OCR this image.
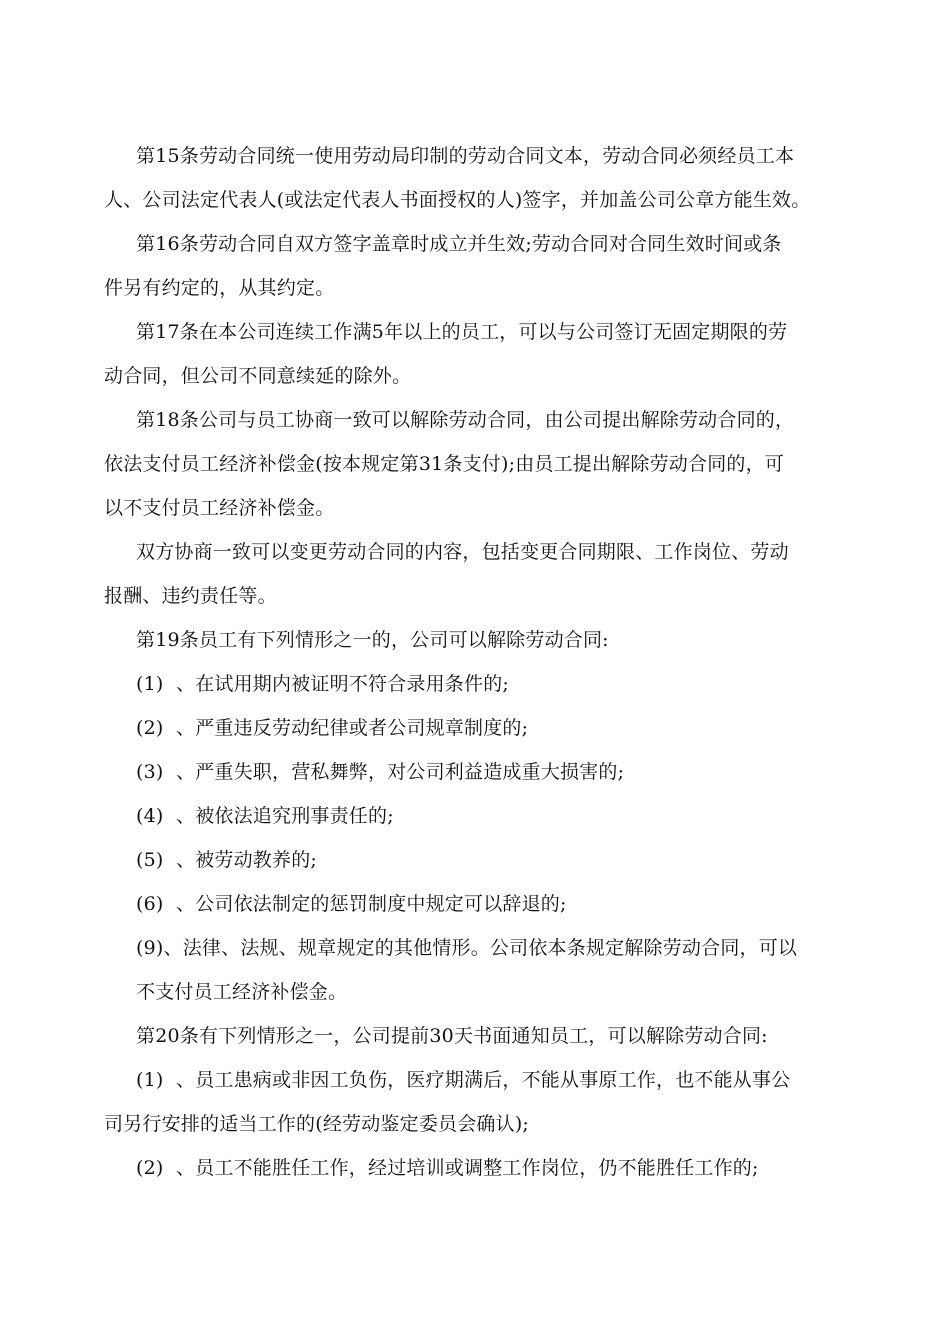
第15条劳动合同统一使用劳动局印制的劳动合同文本，劳动合同必须经员工本
人、公司法定代表人(或法定代表人书面授权的人)签字，并加盖公司公章方能生效。

第16条劳动合同自双方签字盖章时成立并生效;劳动合同对合同生效时间或条
件另有约定的，从其约定。

第17条在本公司连续工作满5年以上的员工，可以与公司签订无固定期限的劳
动合同，但公司不同意续延的除外。

第18条公司与员工协商一致可以解除劳动合同，由公司提出解除劳动合同的，
依法支付员工经济补偿金(按本规定第31条支付);由员工提出解除劳动合同的，可
以不支付员工经济补偿金。

双方协商一致可以变更劳动合同的内容，包括变更合同期限、工作岗位、劳动
报酬、违约责任等。

第19条员工有下列情形之一的，公司可以解除劳动合同:

(1) 、在试用期内被证明不符合录用条件的;

(2) 、严重违反劳动纪律或者公司规章制度的;

(3) 、严重失职，营私舞弊，对公司利益造成重大损害的;

(4) 、被依法追究刑事责任的;

(5) 、被劳动教养的;

(6) 、公司依法制定的惩罚制度中规定可以辞退的;

(9)、法律、法规、规章规定的其他情形。公司依本条规定解除劳动合同，可以
不支付员工经济补偿金。

第20条有下列情形之一，公司提前30天书面通知员工，可以解除劳动合同:

(1) 、员工患病或非因工负伤，医疗期满后，不能从事原工作，也不能从事公
司另行安排的适当工作的(经劳动鉴定委员会确认);

(2) 、员工不能胜任工作，经过培训或调整工作岗位，仍不能胜任工作的;
